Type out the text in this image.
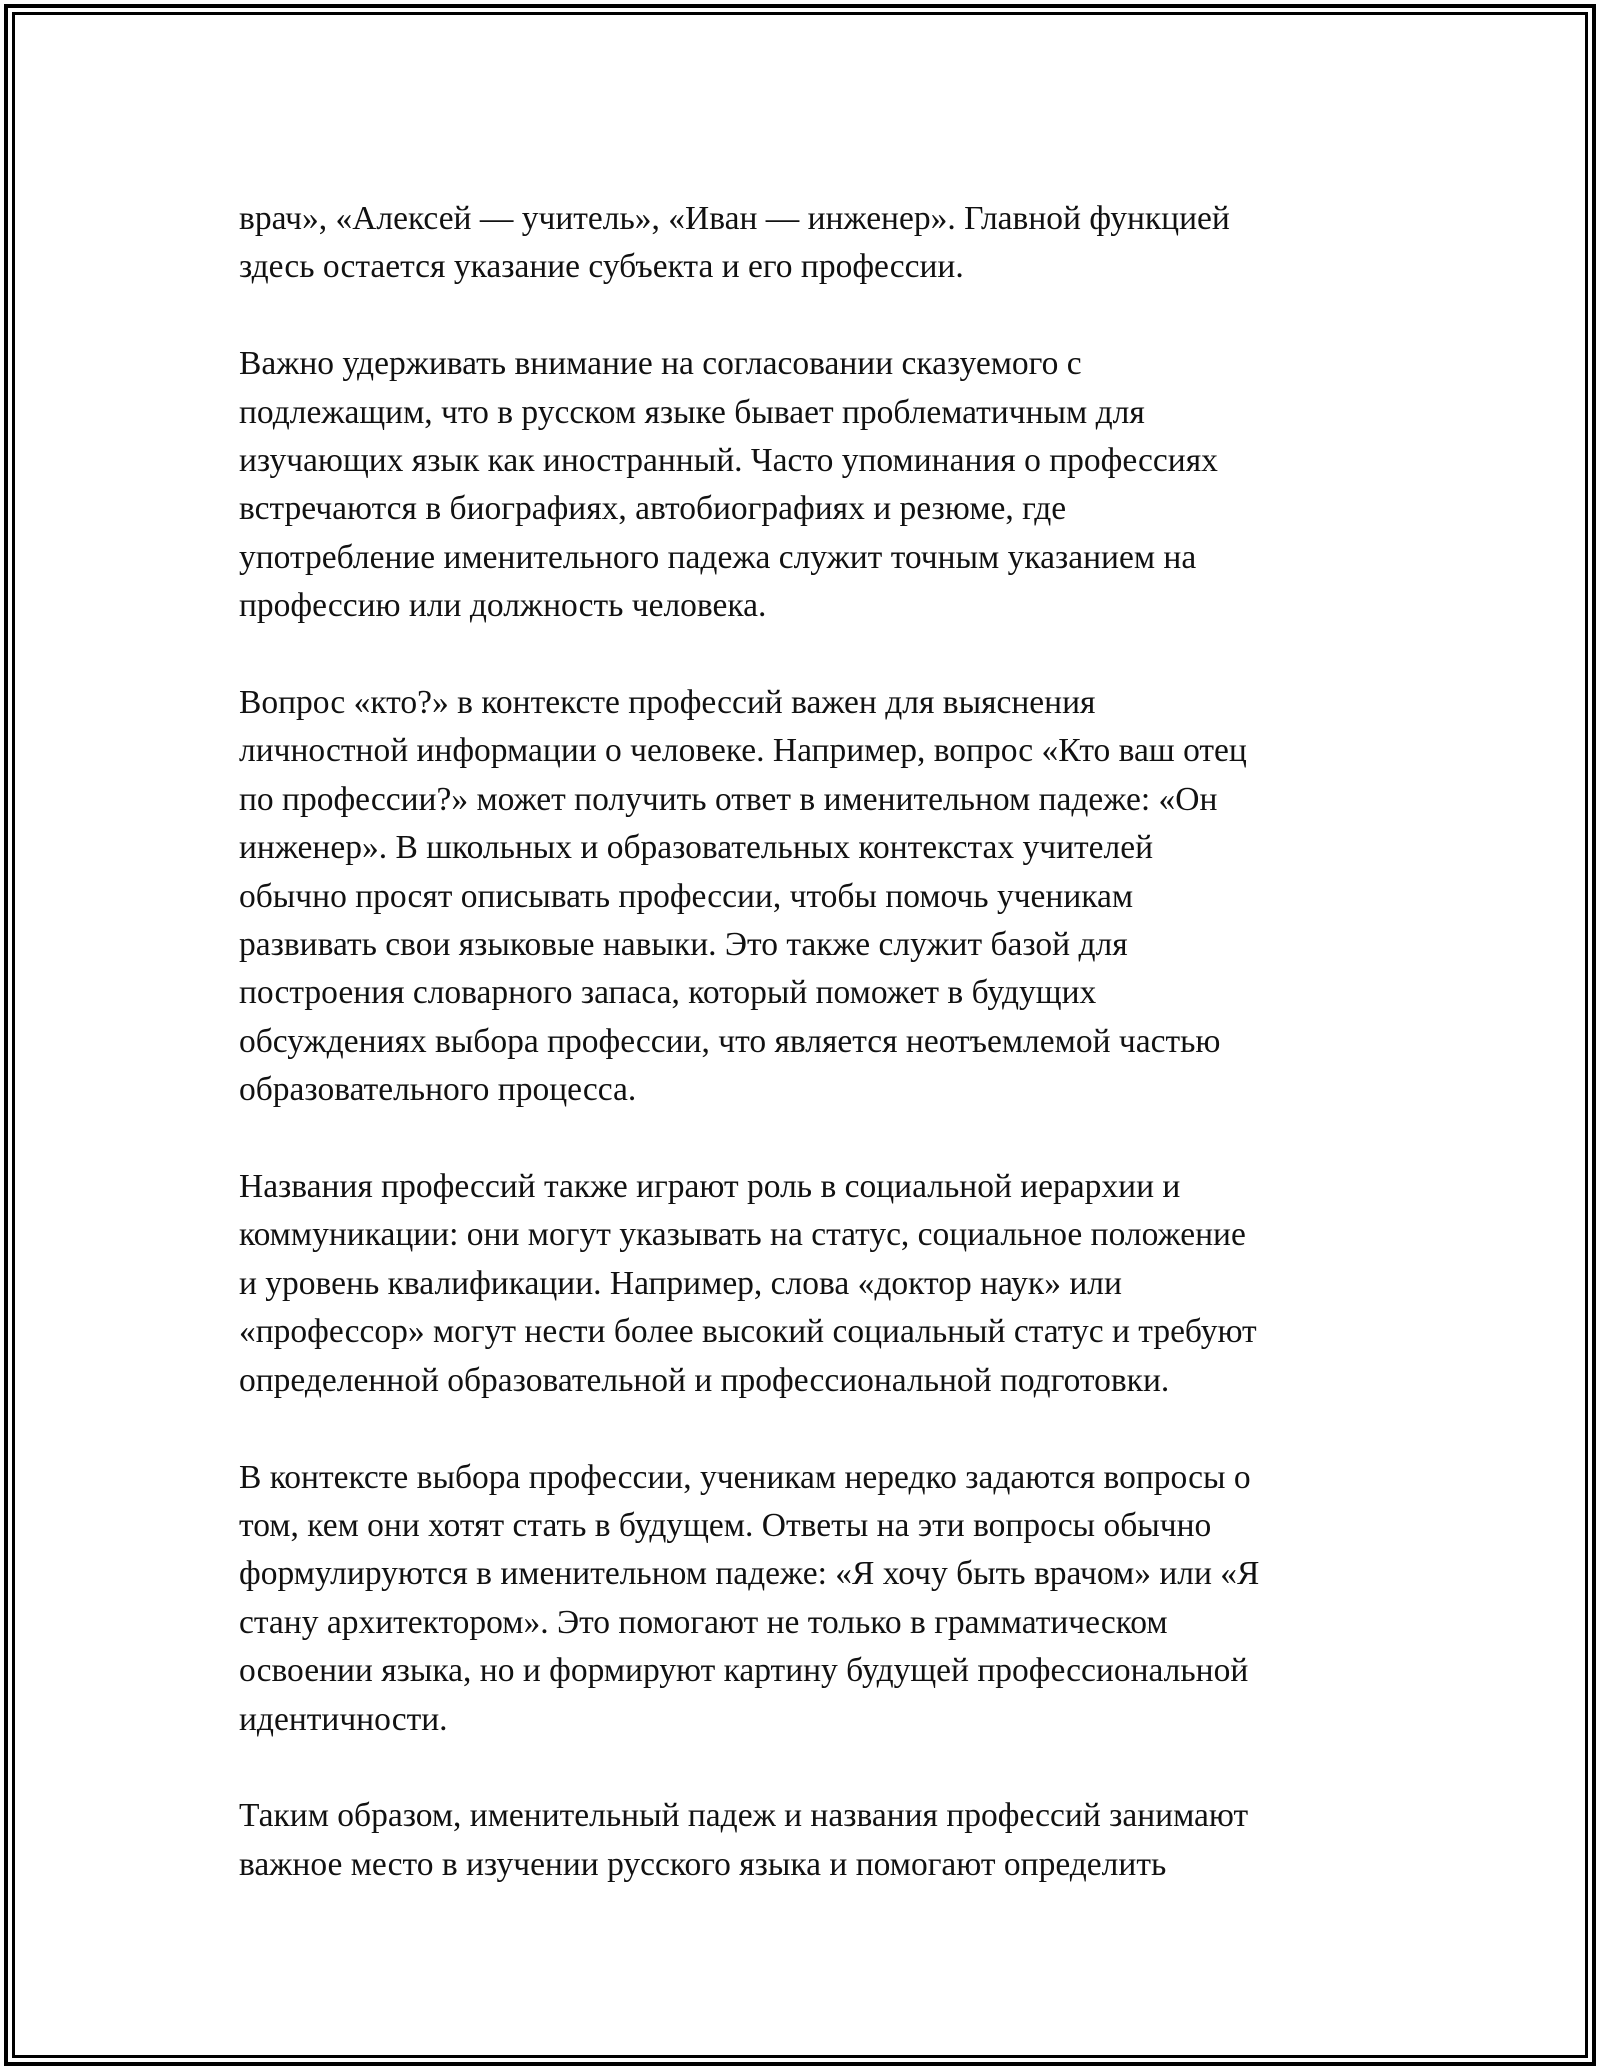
врач», «Алексей — учитель», «Иван — инженер». Главной функцией
здесь остается указание субъекта и его профессии.

Важно удерживать внимание на согласовании сказуемого с
подлежащим, что в русском языке бывает проблематичным для
изучающих язык как иностранный. Часто упоминания о профессиях
встречаются в биографиях, автобиографиях и резюме, где
употребление именительного падежа служит точным указанием на
профессию или должность человека.

Вопрос «кто?» в контексте профессий важен для выяснения
личностной информации о человеке. Например, вопрос «Кто ваш отец
по профессии?» может получить ответ в именительном падеже: «Он
инженер». В школьных и образовательных контекстах учителей
обычно просят описывать профессии, чтобы помочь ученикам
развивать свои языковые навыки. Это также служит базой для
построения словарного запаса, который поможет в будущих
обсуждениях выбора профессии, что является неотъемлемой частью
образовательного процесса.

Названия профессий также играют роль в социальной иерархии и
коммуникации: они могут указывать на статус, социальное положение
и уровень квалификации. Например, слова «доктор наук» или
«профессор» могут нести более высокий социальный статус и требуют
определенной образовательной и профессиональной подготовки.

В контексте выбора профессии, ученикам нередко задаются вопросы о
том, кем они хотят стать в будущем. Ответы на эти вопросы обычно
формулируются в именительном падеже: «Я хочу быть врачом» или «Я
стану архитектором». Это помогают не только в грамматическом
освоении языка, но и формируют картину будущей профессиональной
идентичности.

Таким образом, именительный падеж и названия профессий занимают
важное место в изучении русского языка и помогают определить
